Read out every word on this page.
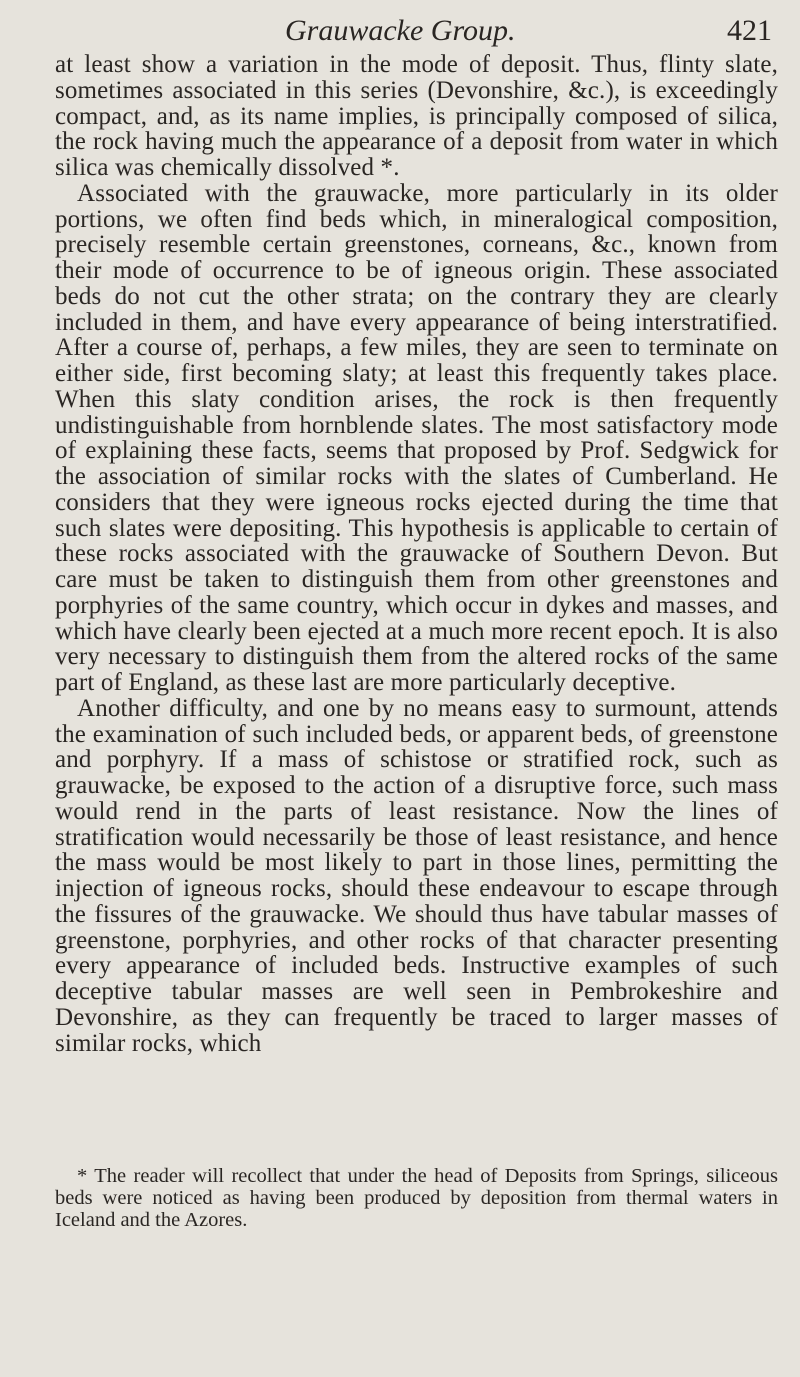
Grauwacke Group.	421

at least show a variation in the mode of deposit. Thus, flinty slate, sometimes associated in this series (Devonshire, &c.), is exceedingly compact, and, as its name implies, is principally composed of silica, the rock having much the appearance of a deposit from water in which silica was chemically dissolved *.

Associated with the grauwacke, more particularly in its older portions, we often find beds which, in mineralogical composition, precisely resemble certain greenstones, corneans, &c., known from their mode of occurrence to be of igneous origin. These associated beds do not cut the other strata; on the contrary they are clearly included in them, and have every appearance of being interstratified. After a course of, perhaps, a few miles, they are seen to terminate on either side, first becoming slaty; at least this frequently takes place. When this slaty condition arises, the rock is then frequently undistinguishable from hornblende slates. The most satisfactory mode of explaining these facts, seems that proposed by Prof. Sedgwick for the association of similar rocks with the slates of Cumberland. He considers that they were igneous rocks ejected during the time that such slates were depositing. This hypothesis is applicable to certain of these rocks associated with the grauwacke of Southern Devon. But care must be taken to distinguish them from other greenstones and porphyries of the same country, which occur in dykes and masses, and which have clearly been ejected at a much more recent epoch. It is also very necessary to distinguish them from the altered rocks of the same part of England, as these last are more particularly deceptive.

Another difficulty, and one by no means easy to surmount, attends the examination of such included beds, or apparent beds, of greenstone and porphyry. If a mass of schistose or stratified rock, such as grauwacke, be exposed to the action of a disruptive force, such mass would rend in the parts of least resistance. Now the lines of stratification would necessarily be those of least resistance, and hence the mass would be most likely to part in those lines, permitting the injection of igneous rocks, should these endeavour to escape through the fissures of the grauwacke. We should thus have tabular masses of greenstone, porphyries, and other rocks of that character presenting every appearance of included beds. Instructive examples of such deceptive tabular masses are well seen in Pembrokeshire and Devonshire, as they can frequently be traced to larger masses of similar rocks, which

* The reader will recollect that under the head of Deposits from Springs, siliceous beds were noticed as having been produced by deposition from thermal waters in Iceland and the Azores.
